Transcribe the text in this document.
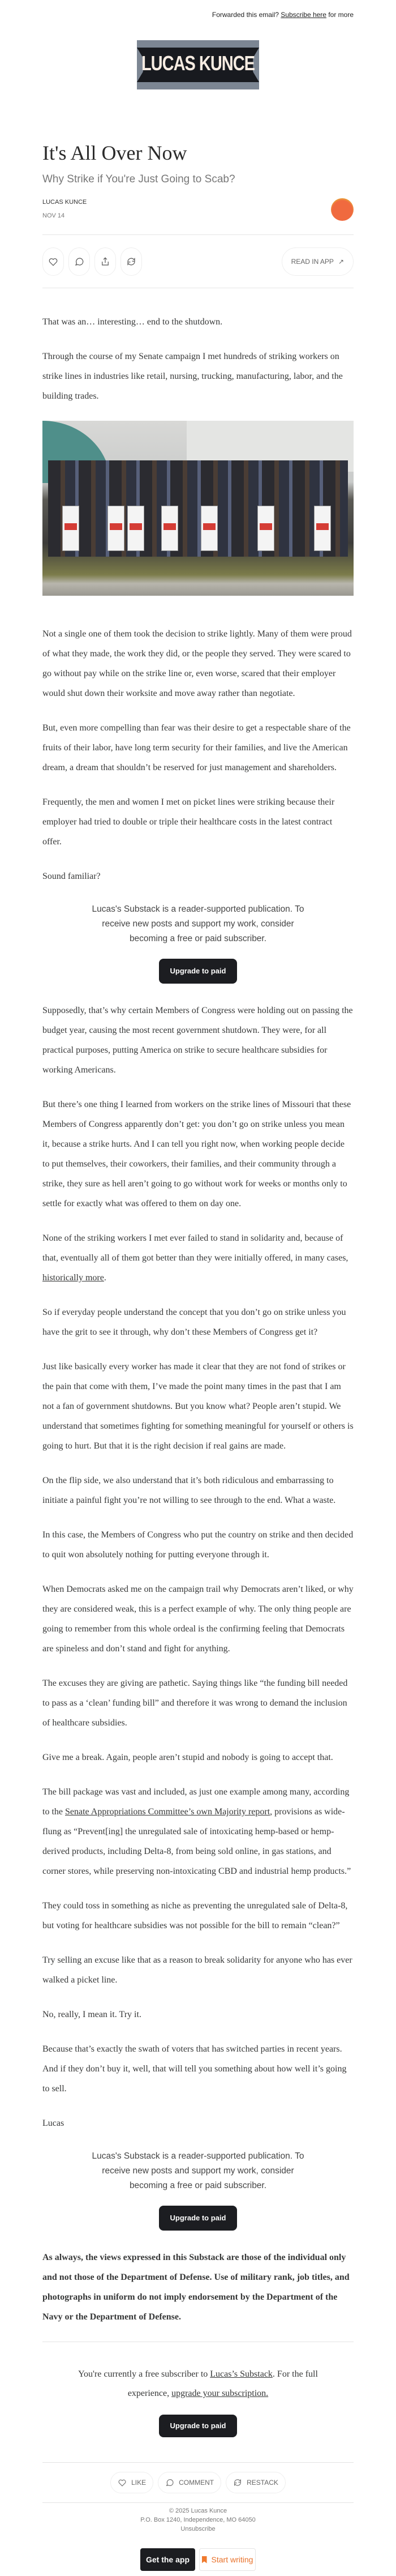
Forwarded this email? Subscribe here for more
LUCAS KUNCE
It's All Over Now
Why Strike if You're Just Going to Scab?
LUCAS KUNCE
NOV 14
READ IN APP ↗

That was an… interesting… end to the shutdown.

Through the course of my Senate campaign I met hundreds of striking workers on strike lines in industries like retail, nursing, trucking, manufacturing, labor, and the building trades.

Not a single one of them took the decision to strike lightly. Many of them were proud of what they made, the work they did, or the people they served. They were scared to go without pay while on the strike line or, even worse, scared that their employer would shut down their worksite and move away rather than negotiate.

But, even more compelling than fear was their desire to get a respectable share of the fruits of their labor, have long term security for their families, and live the American dream, a dream that shouldn’t be reserved for just management and shareholders.

Frequently, the men and women I met on picket lines were striking because their employer had tried to double or triple their healthcare costs in the latest contract offer.

Sound familiar?

Lucas's Substack is a reader-supported publication. To receive new posts and support my work, consider becoming a free or paid subscriber.
Upgrade to paid

Supposedly, that’s why certain Members of Congress were holding out on passing the budget year, causing the most recent government shutdown. They were, for all practical purposes, putting America on strike to secure healthcare subsidies for working Americans.

But there’s one thing I learned from workers on the strike lines of Missouri that these Members of Congress apparently don’t get: you don’t go on strike unless you mean it, because a strike hurts. And I can tell you right now, when working people decide to put themselves, their coworkers, their families, and their community through a strike, they sure as hell aren’t going to go without work for weeks or months only to settle for exactly what was offered to them on day one.

None of the striking workers I met ever failed to stand in solidarity and, because of that, eventually all of them got better than they were initially offered, in many cases, historically more.

So if everyday people understand the concept that you don’t go on strike unless you have the grit to see it through, why don’t these Members of Congress get it?

Just like basically every worker has made it clear that they are not fond of strikes or the pain that come with them, I’ve made the point many times in the past that I am not a fan of government shutdowns. But you know what? People aren’t stupid. We understand that sometimes fighting for something meaningful for yourself or others is going to hurt. But that it is the right decision if real gains are made.

On the flip side, we also understand that it’s both ridiculous and embarrassing to initiate a painful fight you’re not willing to see through to the end. What a waste.

In this case, the Members of Congress who put the country on strike and then decided to quit won absolutely nothing for putting everyone through it.

When Democrats asked me on the campaign trail why Democrats aren’t liked, or why they are considered weak, this is a perfect example of why. The only thing people are going to remember from this whole ordeal is the confirming feeling that Democrats are spineless and don’t stand and fight for anything.

The excuses they are giving are pathetic. Saying things like “the funding bill needed to pass as a ‘clean’ funding bill” and therefore it was wrong to demand the inclusion of healthcare subsidies.

Give me a break. Again, people aren’t stupid and nobody is going to accept that.

The bill package was vast and included, as just one example among many, according to the Senate Appropriations Committee’s own Majority report, provisions as wide-flung as “Prevent[ing] the unregulated sale of intoxicating hemp-based or hemp-derived products, including Delta-8, from being sold online, in gas stations, and corner stores, while preserving non-intoxicating CBD and industrial hemp products.”

They could toss in something as niche as preventing the unregulated sale of Delta-8, but voting for healthcare subsidies was not possible for the bill to remain “clean?”

Try selling an excuse like that as a reason to break solidarity for anyone who has ever walked a picket line.

No, really, I mean it. Try it.

Because that’s exactly the swath of voters that has switched parties in recent years. And if they don’t buy it, well, that will tell you something about how well it’s going to sell.

Lucas

Lucas's Substack is a reader-supported publication. To receive new posts and support my work, consider becoming a free or paid subscriber.
Upgrade to paid

As always, the views expressed in this Substack are those of the individual only and not those of the Department of Defense. Use of military rank, job titles, and photographs in uniform do not imply endorsement by the Department of the Navy or the Department of Defense.

You're currently a free subscriber to Lucas’s Substack. For the full experience, upgrade your subscription.
Upgrade to paid
LIKE	COMMENT	RESTACK
© 2025 Lucas Kunce
P.O. Box 1240, Independence, MO 64050
Unsubscribe
Get the app	Start writing
